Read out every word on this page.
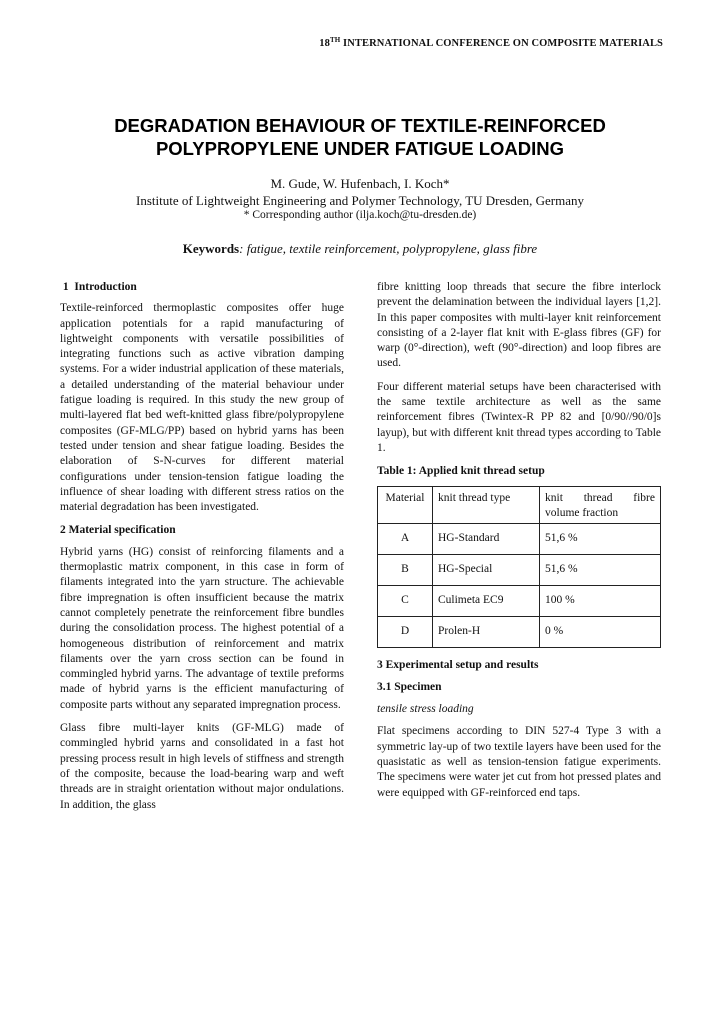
18TH INTERNATIONAL CONFERENCE ON COMPOSITE MATERIALS
DEGRADATION BEHAVIOUR OF TEXTILE-REINFORCED
POLYPROPYLENE UNDER FATIGUE LOADING
M. Gude, W. Hufenbach, I. Koch*
Institute of Lightweight Engineering and Polymer Technology, TU Dresden, Germany
* Corresponding author (ilja.koch@tu-dresden.de)
Keywords: fatigue, textile reinforcement, polypropylene, glass fibre
1  Introduction

Textile-reinforced thermoplastic composites offer huge application potentials for a rapid manufacturing of lightweight components with versatile possibilities of integrating functions such as active vibration damping systems. For a wider industrial application of these materials, a detailed understanding of the material behaviour under fatigue loading is required. In this study the new group of multi-layered flat bed weft-knitted glass fibre/polypropylene composites (GF-MLG/PP) based on hybrid yarns has been tested under tension and shear fatigue loading. Besides the elaboration of S-N-curves for different material configurations under tension-tension fatigue loading the influence of shear loading with different stress ratios on the material degradation has been investigated.

2 Material specification

Hybrid yarns (HG) consist of reinforcing filaments and a thermoplastic matrix component, in this case in form of filaments integrated into the yarn structure. The achievable fibre impregnation is often insufficient because the matrix cannot completely penetrate the reinforcement fibre bundles during the consolidation process. The highest potential of a homogeneous distribution of reinforcement and matrix filaments over the yarn cross section can be found in commingled hybrid yarns. The advantage of textile preforms made of hybrid yarns is the efficient manufacturing of composite parts without any separated impregnation process.

Glass fibre multi-layer knits (GF-MLG) made of commingled hybrid yarns and consolidated in a fast hot pressing process result in high levels of stiffness and strength of the composite, because the load-bearing warp and weft threads are in straight orientation without major ondulations. In addition, the glass

fibre knitting loop threads that secure the fibre interlock prevent the delamination between the individual layers [1,2]. In this paper composites with multi-layer knit reinforcement consisting of a 2-layer flat knit with E-glass fibres (GF) for warp (0°-direction), weft (90°-direction) and loop fibres are used.

Four different material setups have been characterised with the same textile architecture as well as the same reinforcement fibres (Twintex-R PP 82 and [0/90//90/0]s layup), but with different knit thread types according to Table 1.

Table 1: Applied knit thread setup
Material	knit thread type	knit thread fibre volume fraction
A	HG-Standard	51,6 %
B	HG-Special	51,6 %
C	Culimeta EC9	100 %
D	Prolen-H	0 %
3 Experimental setup and results
3.1 Specimen
tensile stress loading

Flat specimens according to DIN 527-4 Type 3 with a symmetric lay-up of two textile layers have been used for the quasistatic as well as tension-tension fatigue experiments. The specimens were water jet cut from hot pressed plates and were equipped with GF-reinforced end taps.
